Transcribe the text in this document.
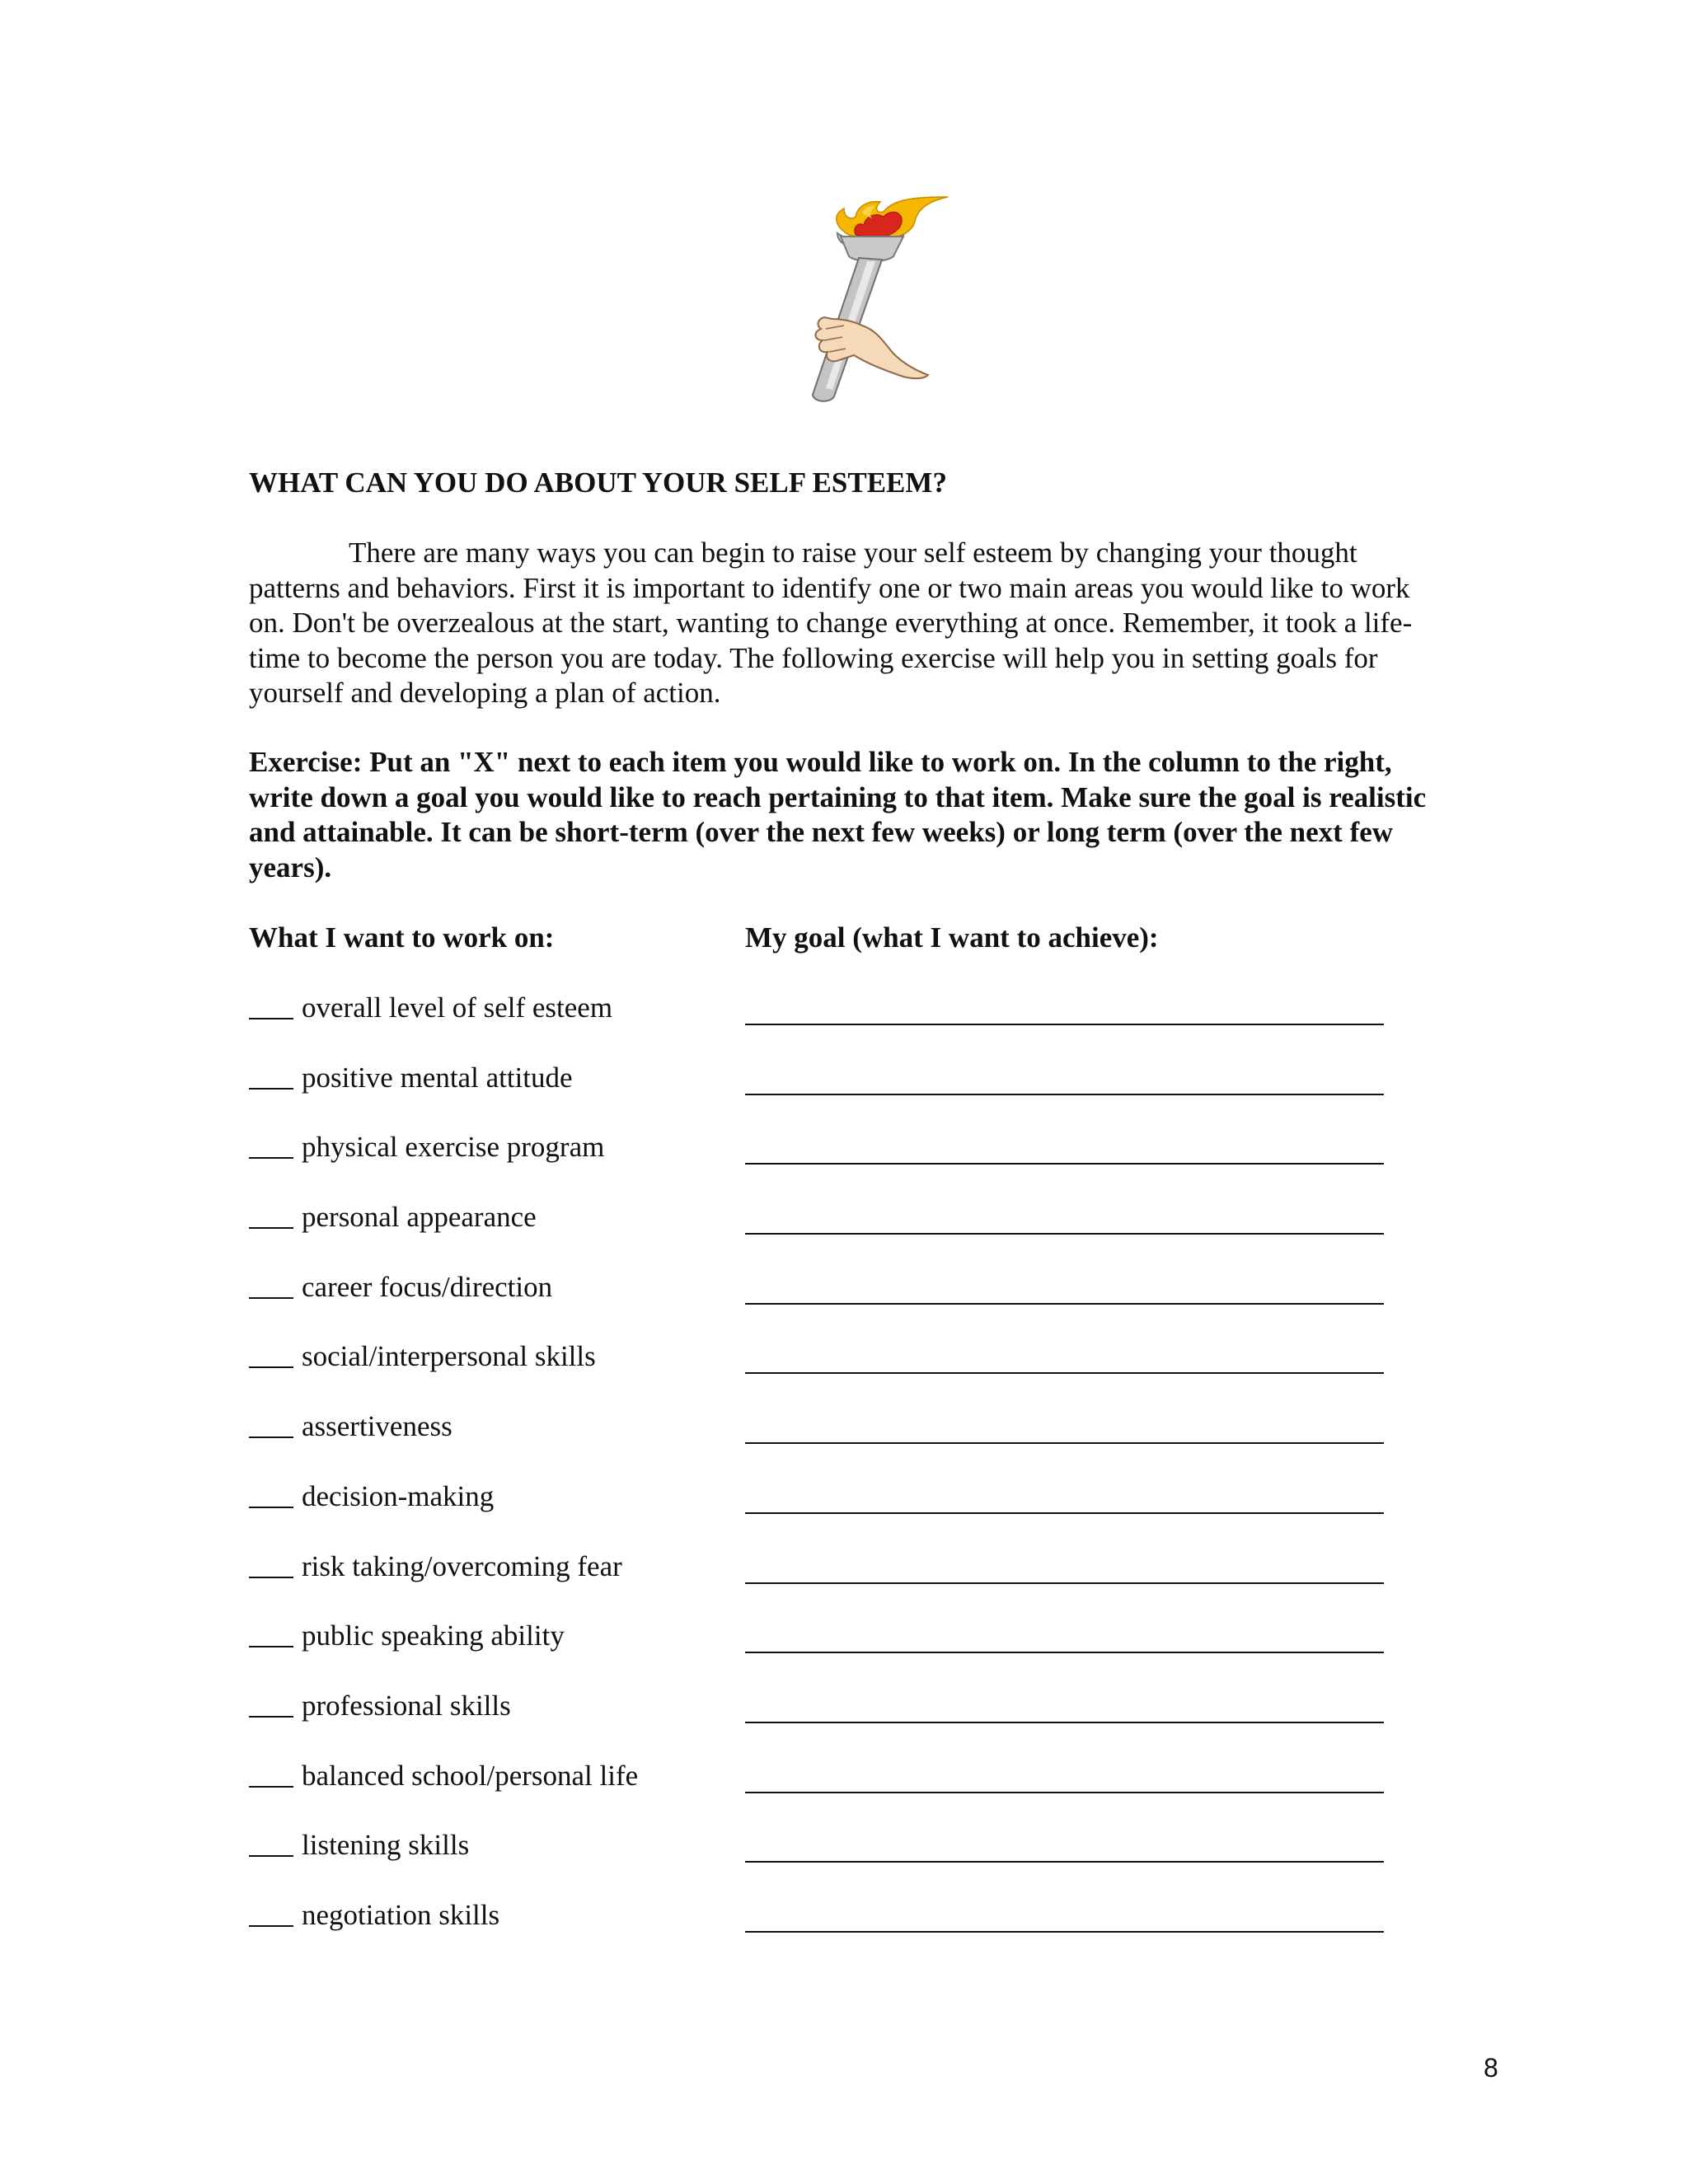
WHAT CAN YOU DO ABOUT YOUR SELF ESTEEM?
There are many ways you can begin to raise your self esteem by changing your thought
patterns and behaviors. First it is important to identify one or two main areas you would like to work
on. Don't be overzealous at the start, wanting to change everything at once. Remember, it took a life-
time to become the person you are today. The following exercise will help you in setting goals for
yourself and developing a plan of action.
Exercise: Put an "X" next to each item you would like to work on. In the column to the right,
write down a goal you would like to reach pertaining to that item. Make sure the goal is realistic
and attainable. It can be short-term (over the next few weeks) or long term (over the next few
years).
What I want to work on:	My goal (what I want to achieve):
overall level of self esteem
positive mental attitude
physical exercise program
personal appearance
career focus/direction
social/interpersonal skills
assertiveness
decision-making
risk taking/overcoming fear
public speaking ability
professional skills
balanced school/personal life
listening skills
negotiation skills
8
